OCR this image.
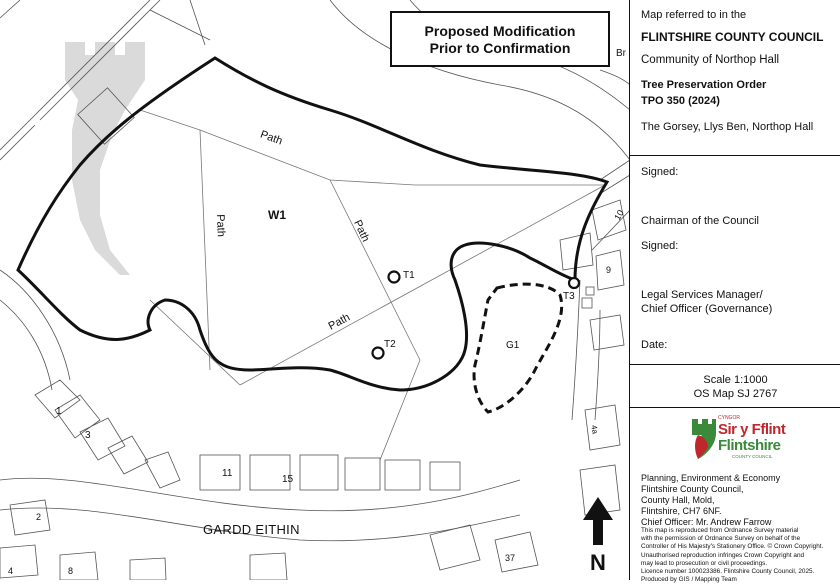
Proposed Modification
Prior to Confirmation
W1
G1
T1
T2
T3
Path
Path	Path
Path
GARDD EITHIN
1
3
11
15
2
4	8
10
9
4a
37
Br
N
Map referred to in the
FLINTSHIRE COUNTY COUNCIL
Community of Northop Hall
Tree Preservation Order
TPO 350 (2024)
The Gorsey, Llys Ben, Northop Hall
Signed:
Chairman of the Council
Signed:
Legal Services Manager/
Chief Officer (Governance)
Date:
Scale 1:1000
OS Map SJ 2767
CYNGOR
Sir y Fflint
Flintshire
COUNTY COUNCIL
Planning, Environment & Economy
Flintshire County Council,
County Hall, Mold,
Flintshire, CH7 6NF.
Chief Officer: Mr. Andrew Farrow
This map is reproduced from Ordnance Survey material
with the permission of Ordnance Survey on behalf of the
Controller of His Majesty's Stationery Office. © Crown Copyright.
Unauthorised reproduction infringes Crown Copyright and
may lead to prosecution or civil proceedings.
Licence number 100023386. Flintshire County Council, 2025.
Produced by GIS / Mapping Team
